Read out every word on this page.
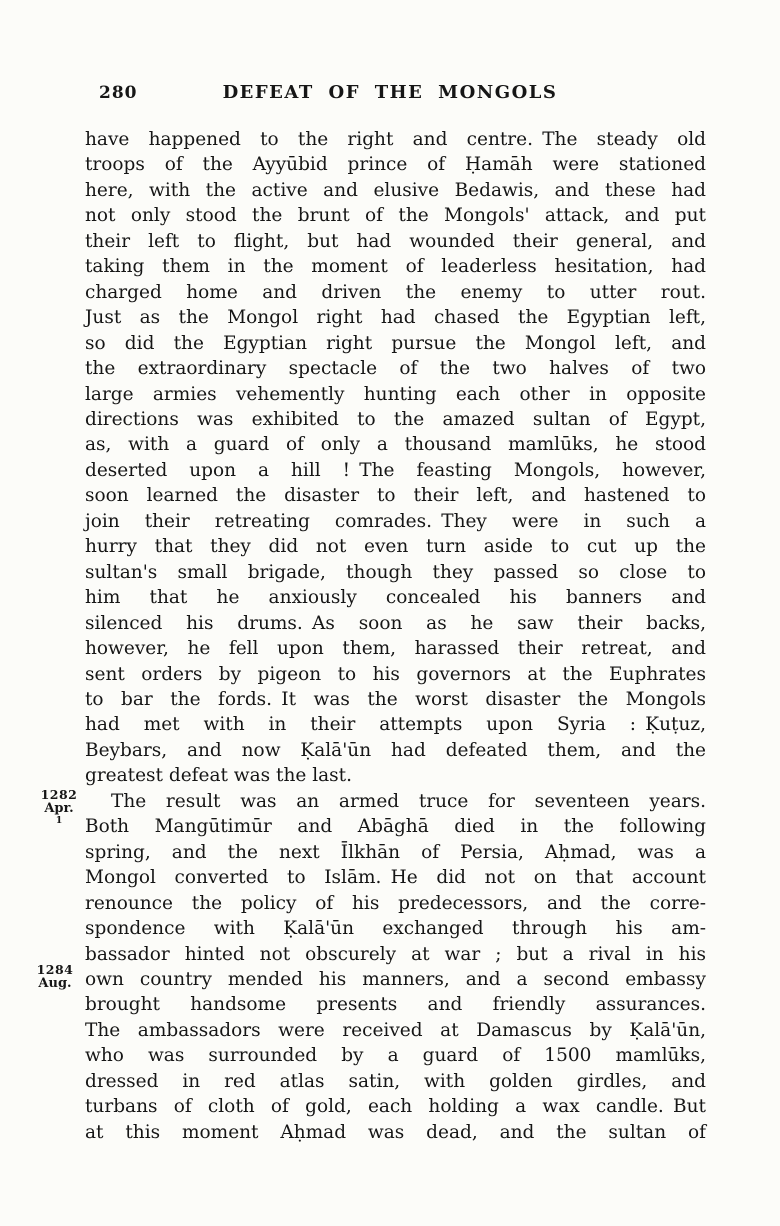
280	DEFEAT OF THE MONGOLS
have happened to the right and centre. The steady old
troops of the Ayyūbid prince of Ḥamāh were stationed
here, with the active and elusive Bedawis, and these had
not only stood the brunt of the Mongols' attack, and put
their left to flight, but had wounded their general, and
taking them in the moment of leaderless hesitation, had
charged home and driven the enemy to utter rout.
Just as the Mongol right had chased the Egyptian left,
so did the Egyptian right pursue the Mongol left, and
the extraordinary spectacle of the two halves of two
large armies vehemently hunting each other in opposite
directions was exhibited to the amazed sultan of Egypt,
as, with a guard of only a thousand mamlūks, he stood
deserted upon a hill ! The feasting Mongols, however,
soon learned the disaster to their left, and hastened to
join their retreating comrades. They were in such a
hurry that they did not even turn aside to cut up the
sultan's small brigade, though they passed so close to
him that he anxiously concealed his banners and
silenced his drums. As soon as he saw their backs,
however, he fell upon them, harassed their retreat, and
sent orders by pigeon to his governors at the Euphrates
to bar the fords. It was the worst disaster the Mongols
had met with in their attempts upon Syria : Ḳuṭuz,
Beybars, and now Ḳalā'ūn had defeated them, and the
greatest defeat was the last.
The result was an armed truce for seventeen years.
Both Mangūtimūr and Abāghā died in the following
spring, and the next Īlkhān of Persia, Aḥmad, was a
Mongol converted to Islām. He did not on that account
renounce the policy of his predecessors, and the corre-
spondence with Ḳalā'ūn exchanged through his am-
bassador hinted not obscurely at war ; but a rival in his
own country mended his manners, and a second embassy
brought handsome presents and friendly assurances.
The ambassadors were received at Damascus by Ḳalā'ūn,
who was surrounded by a guard of 1500 mamlūks,
dressed in red atlas satin, with golden girdles, and
turbans of cloth of gold, each holding a wax candle. But
at this moment Aḥmad was dead, and the sultan of
1282
Apr.
1
1284
Aug.
